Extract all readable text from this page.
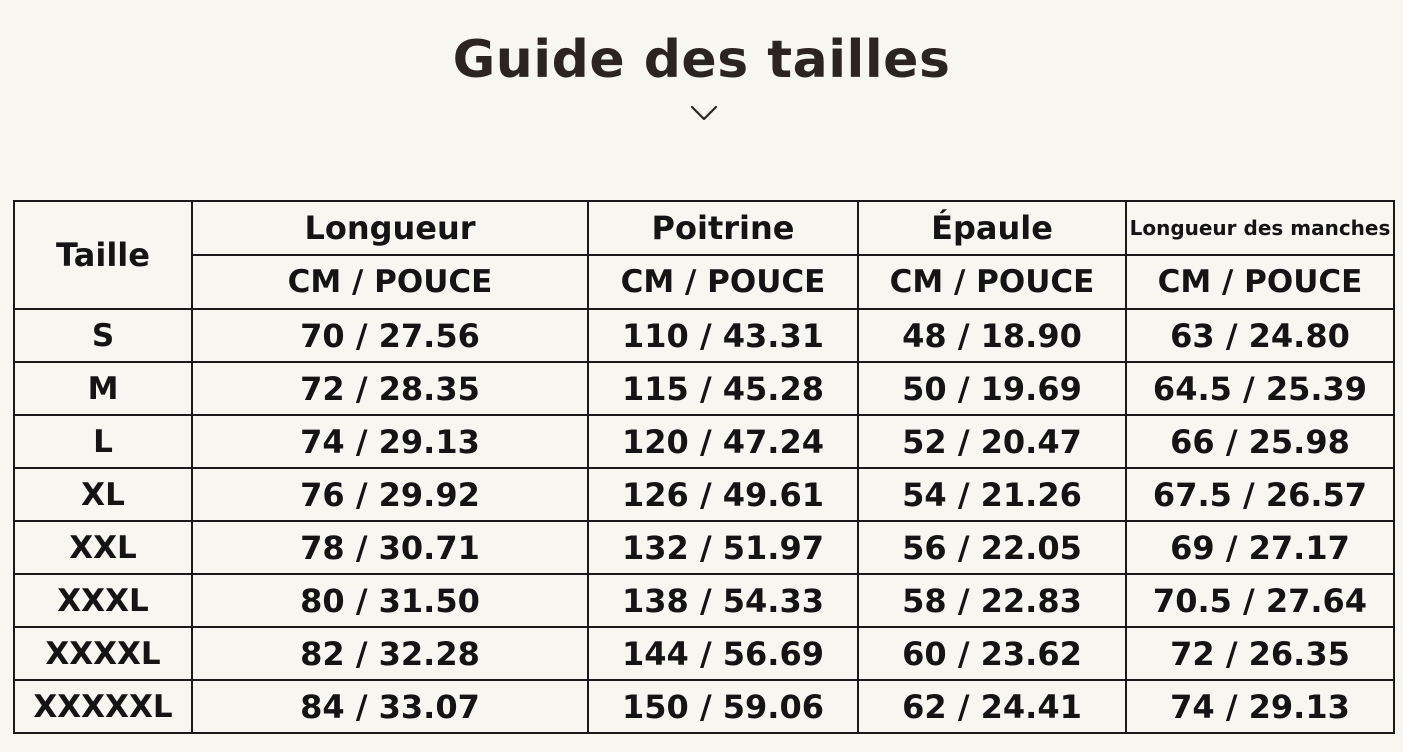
Guide des tailles
Taille	Longueur	Poitrine	Épaule	Longueur des manches
	CM / POUCE	CM / POUCE	CM / POUCE	CM / POUCE
S	70 / 27.56	110 / 43.31	48 / 18.90	63 / 24.80
M	72 / 28.35	115 / 45.28	50 / 19.69	64.5 / 25.39
L	74 / 29.13	120 / 47.24	52 / 20.47	66 / 25.98
XL	76 / 29.92	126 / 49.61	54 / 21.26	67.5 / 26.57
XXL	78 / 30.71	132 / 51.97	56 / 22.05	69 / 27.17
XXXL	80 / 31.50	138 / 54.33	58 / 22.83	70.5 / 27.64
XXXXL	82 / 32.28	144 / 56.69	60 / 23.62	72 / 26.35
XXXXXL	84 / 33.07	150 / 59.06	62 / 24.41	74 / 29.13
